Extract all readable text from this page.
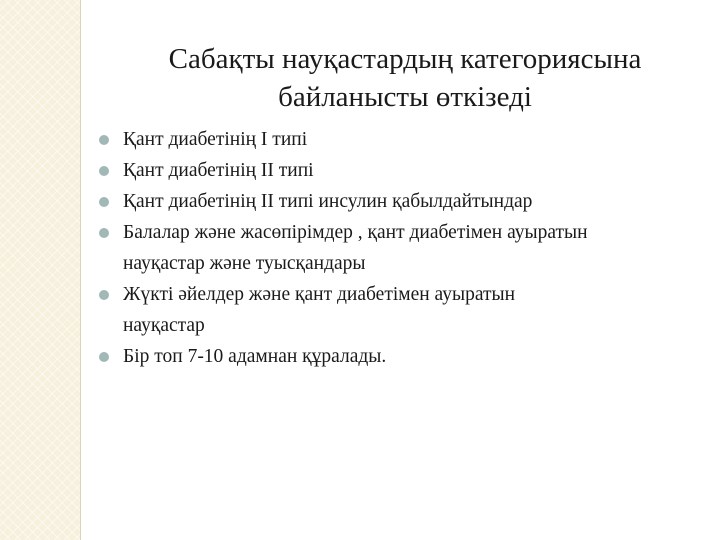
Сабақты науқастардың категориясына
байланысты өткізеді
Қант диабетінің I типі
Қант диабетінің II типі
Қант диабетінің II типі инсулин қабылдайтындар
Балалар және жасөпірімдер , қант диабетімен ауыратын
науқастар және туысқандары
Жүкті әйелдер және қант диабетімен ауыратын
науқастар
Бір топ 7-10 адамнан құралады.
